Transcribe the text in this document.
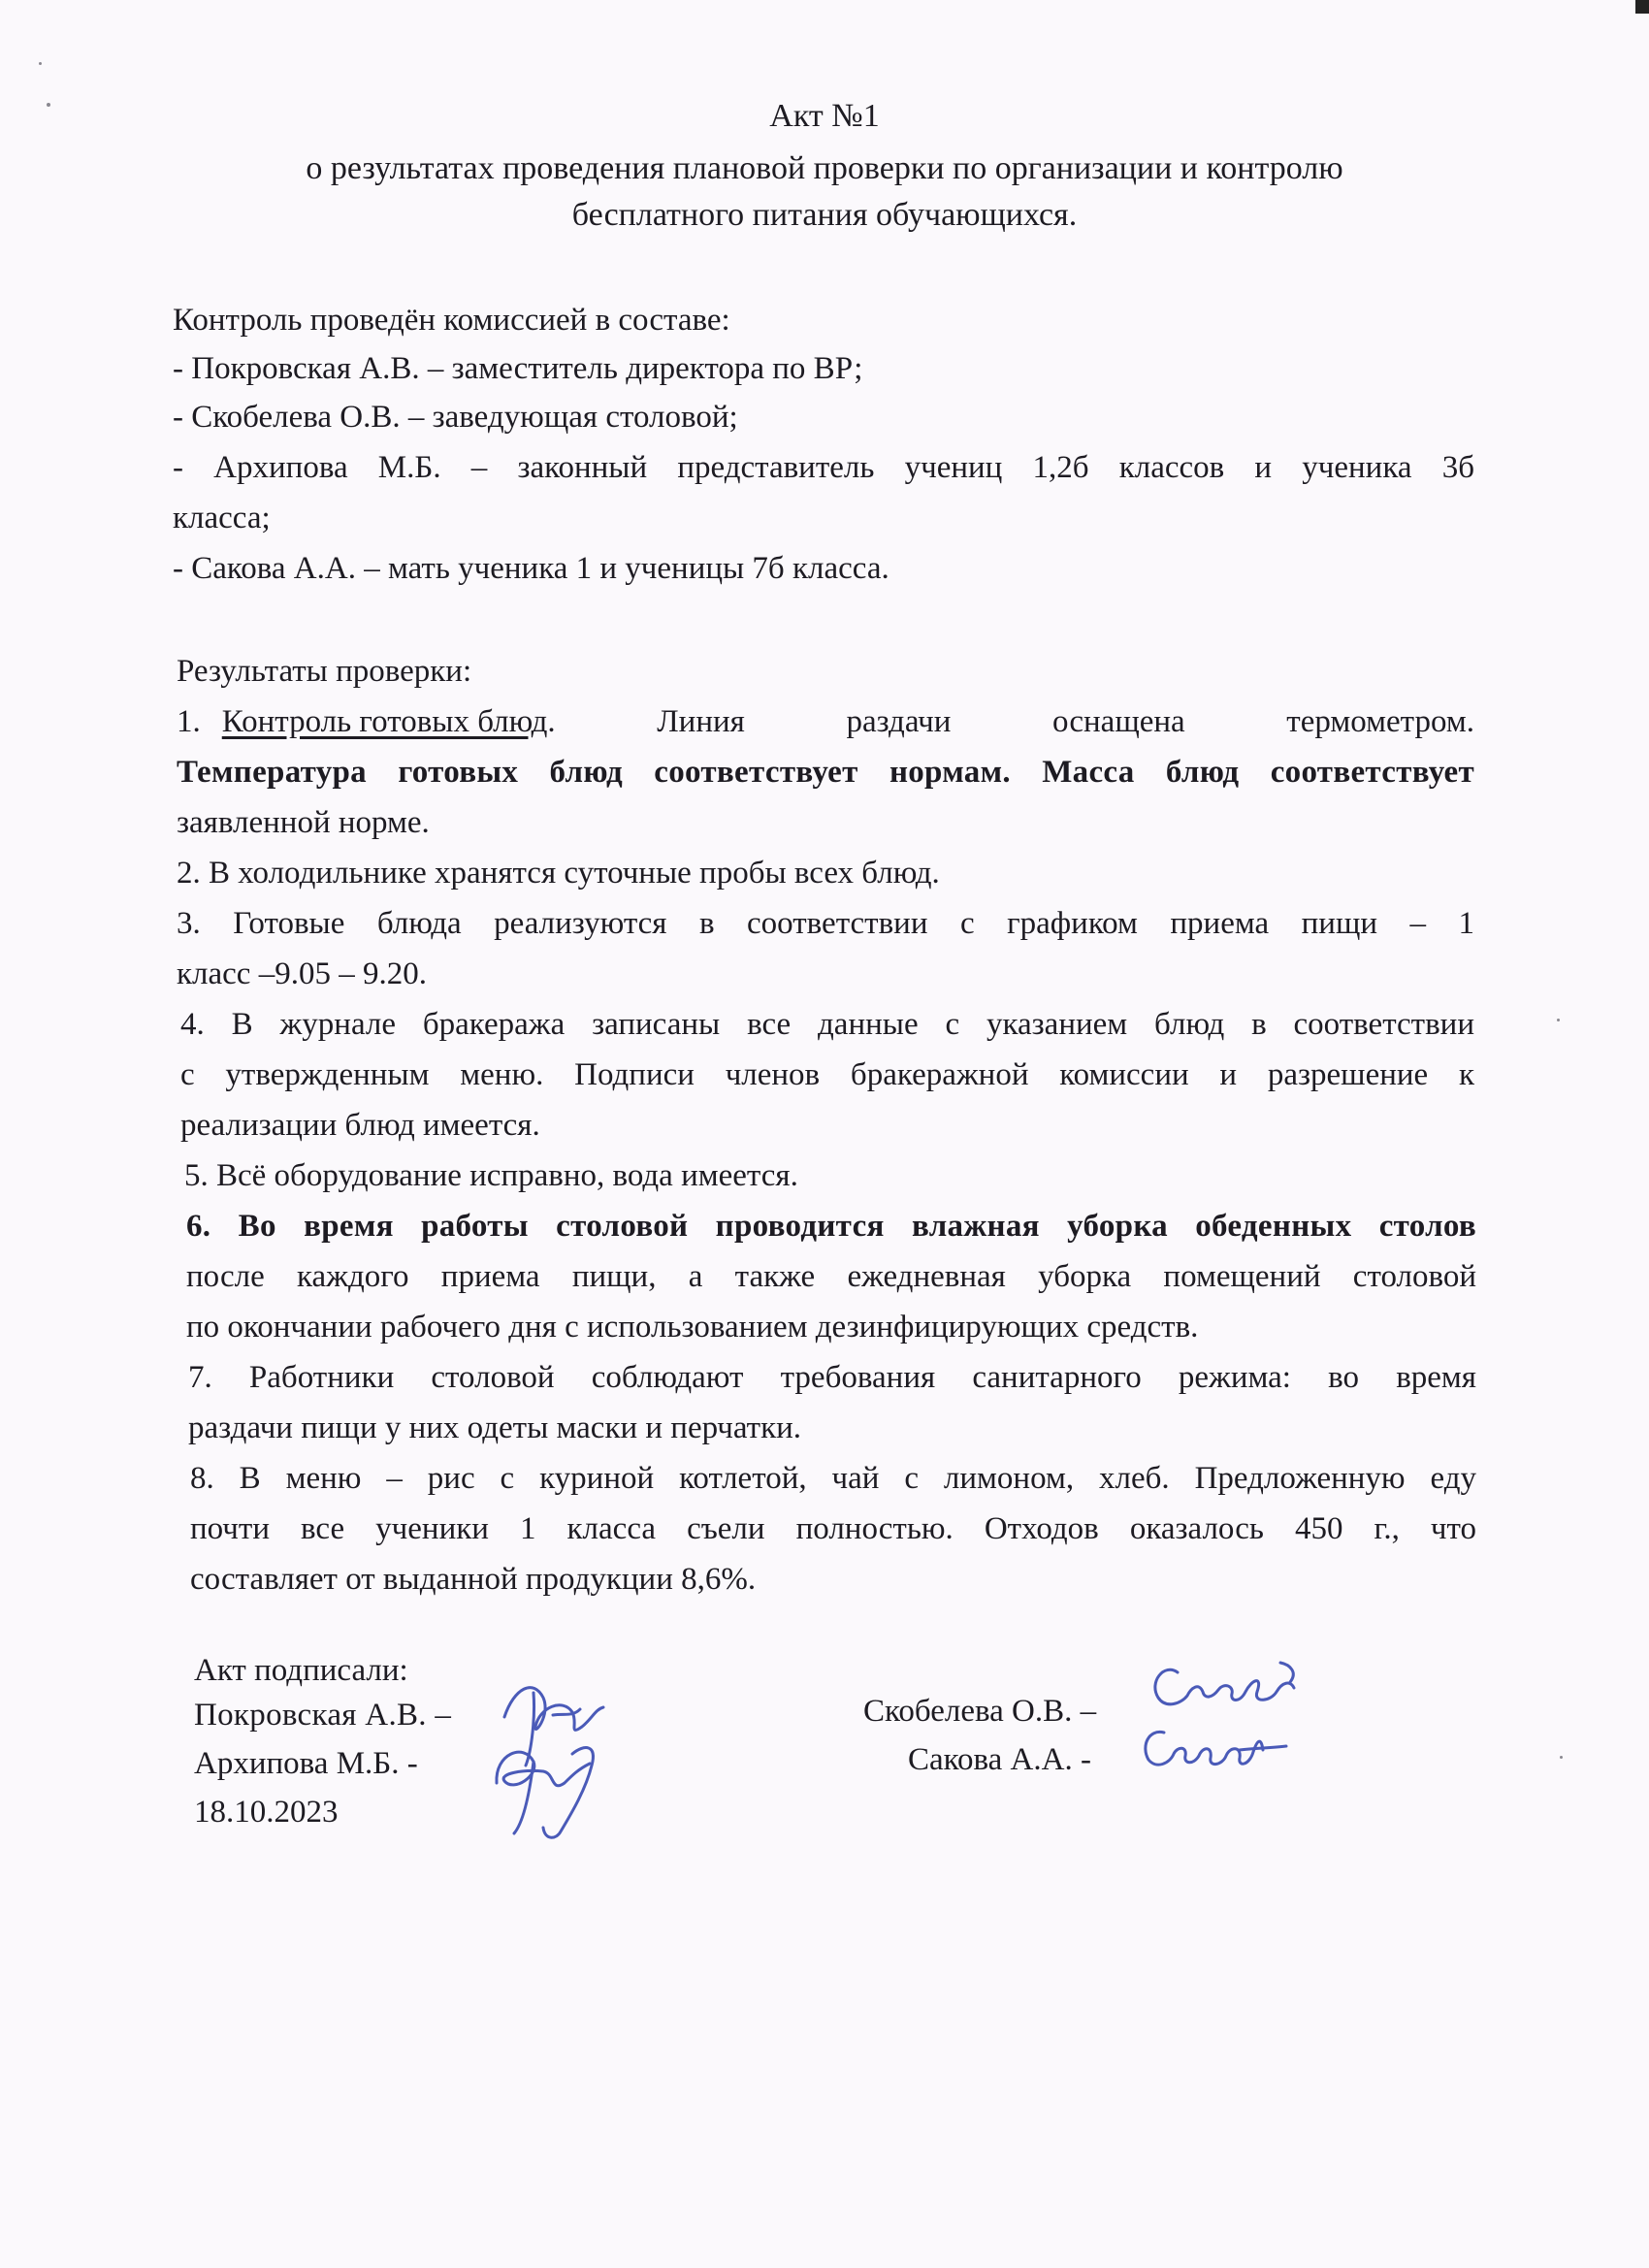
Акт №1
о результатах проведения плановой проверки по организации и контролю
бесплатного питания обучающихся.
Контроль проведён комиссией в составе:
- Покровская А.В. – заместитель директора по ВР;
- Скобелева О.В. – заведующая столовой;
- Архипова М.Б. – законный представитель учениц 1,2б классов и ученика 3б
класса;
- Сакова А.А. – мать ученика 1 и ученицы 7б класса.
Результаты проверки:
1. Контроль готовых блюд . Линия раздачи оснащена термометром.
Температура готовых блюд соответствует нормам. Масса блюд соответствует
заявленной норме.
2. В холодильнике хранятся суточные пробы всех блюд.
3. Готовые блюда реализуются в соответствии с графиком приема пищи – 1
класс –9.05 – 9.20.
4. В журнале бракеража записаны все данные с указанием блюд в соответствии
с утвержденным меню. Подписи членов бракеражной комиссии и разрешение к
реализации блюд имеется.
5. Всё оборудование исправно, вода имеется.
6. Во время работы столовой проводится влажная уборка обеденных столов
после каждого приема пищи, а также ежедневная уборка помещений столовой
по окончании рабочего дня с использованием дезинфицирующих средств.
7. Работники столовой соблюдают требования санитарного режима: во время
раздачи пищи у них одеты маски и перчатки.
8. В меню – рис с куриной котлетой, чай с лимоном, хлеб. Предложенную еду
почти все ученики 1 класса съели полностью. Отходов оказалось 450 г., что
составляет от выданной продукции 8,6%.
Акт подписали:
Покровская А.В. –
Архипова М.Б. -
18.10.2023
Скобелева О.В. –
Сакова А.А. -
